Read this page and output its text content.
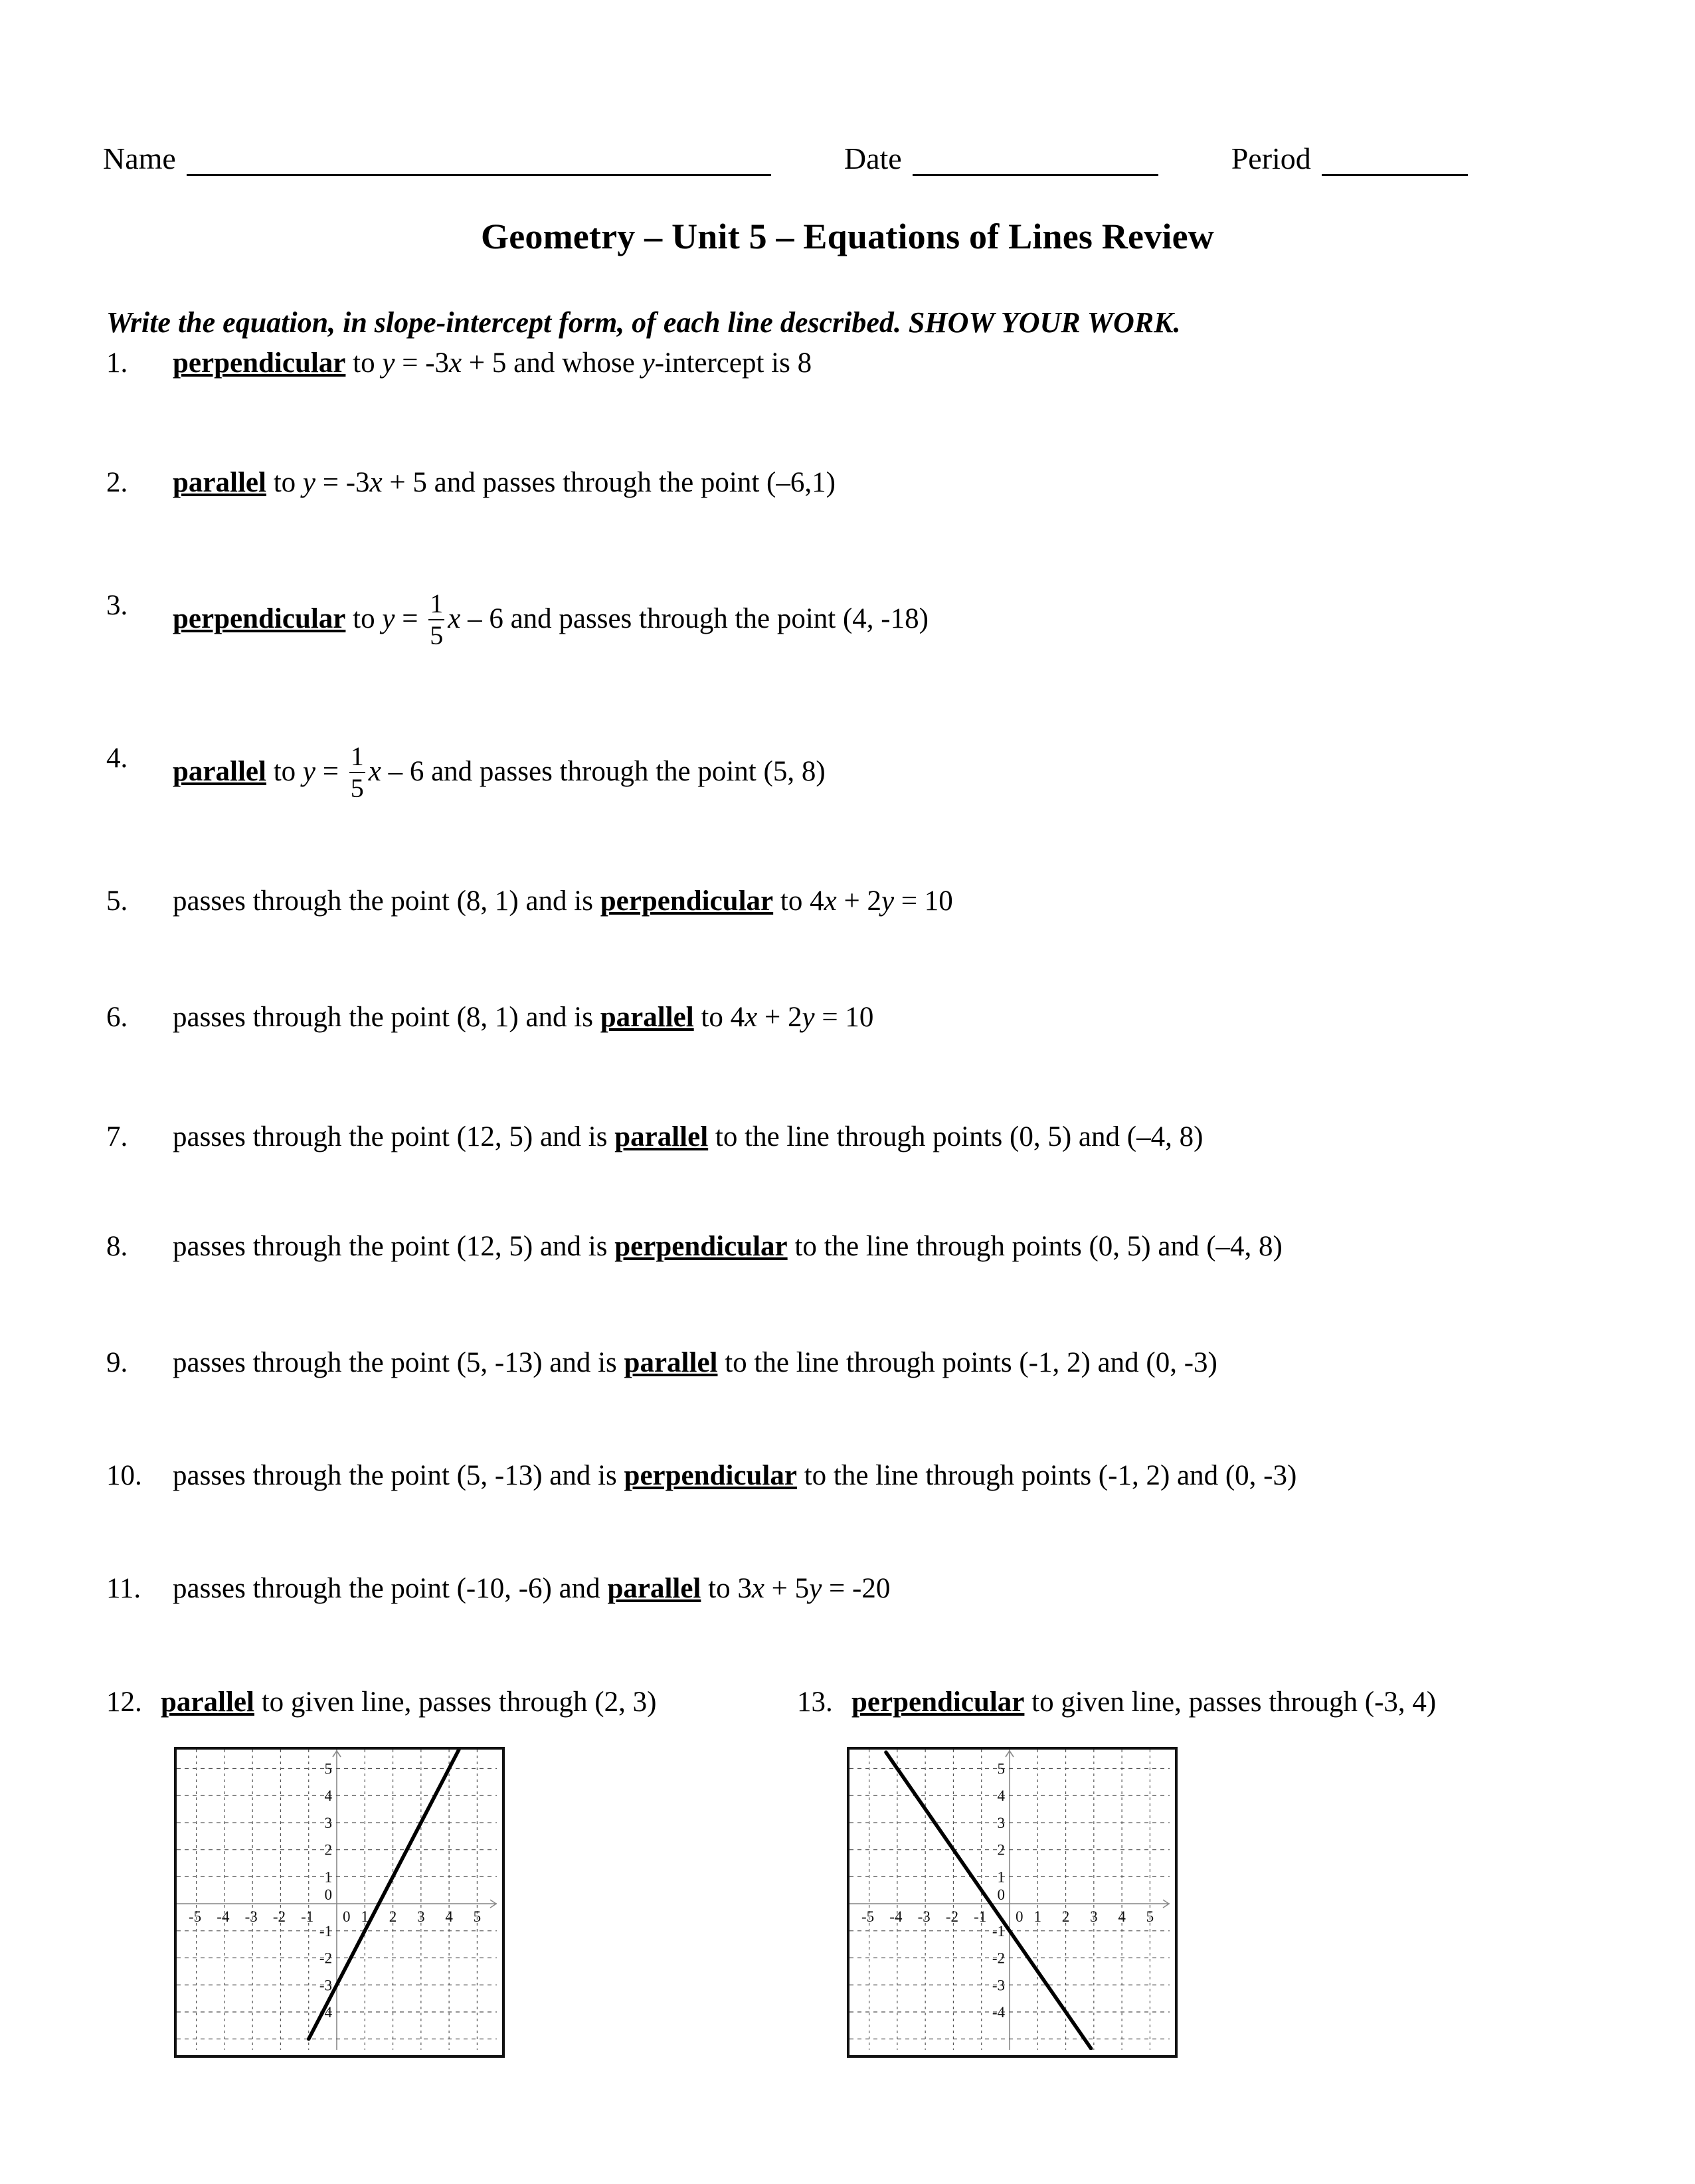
Name	Date	Period
Geometry – Unit 5 – Equations of Lines Review
Write the equation, in slope-intercept form, of each line described. SHOW YOUR WORK.
1.	perpendicular to y = -3x + 5 and whose y-intercept is 8
2.	parallel to y = -3x + 5 and passes through the point (–6,1)
3.	perpendicular to $y = \frac{1}{5}$ x – 6 and passes through the point (4, -18)
4.	parallel to $y = \frac{1}{5}$ x – 6 and passes through the point (5, 8)
5.	passes through the point (8, 1) and is perpendicular to 4x + 2y = 10
6.	passes through the point (8, 1) and is parallel to 4x + 2y = 10
7.	passes through the point (12, 5) and is parallel to the line through points (0, 5) and (–4, 8)
8.	passes through the point (12, 5) and is perpendicular to the line through points (0, 5) and (–4, 8)
9.	passes through the point (5, -13) and is parallel to the line through points (-1, 2) and (0, -3)
10.	passes through the point (5, -13) and is perpendicular to the line through points (-1, 2) and (0, -3)
11.	passes through the point (-10, -6) and parallel to 3x + 5y = -20
12. parallel to given line, passes through (2, 3)	13. perpendicular to given line, passes through (-3, 4)
-5 -4 -3 -2 -1 0 1 2 3 4 5
-4
-3
-2
-1
1
2
3
4
5
0
-5 -4 -3 -2 -1 0 1 2 3 4 5
-4
-3
-2
-1
1
2
3
4
5
0
